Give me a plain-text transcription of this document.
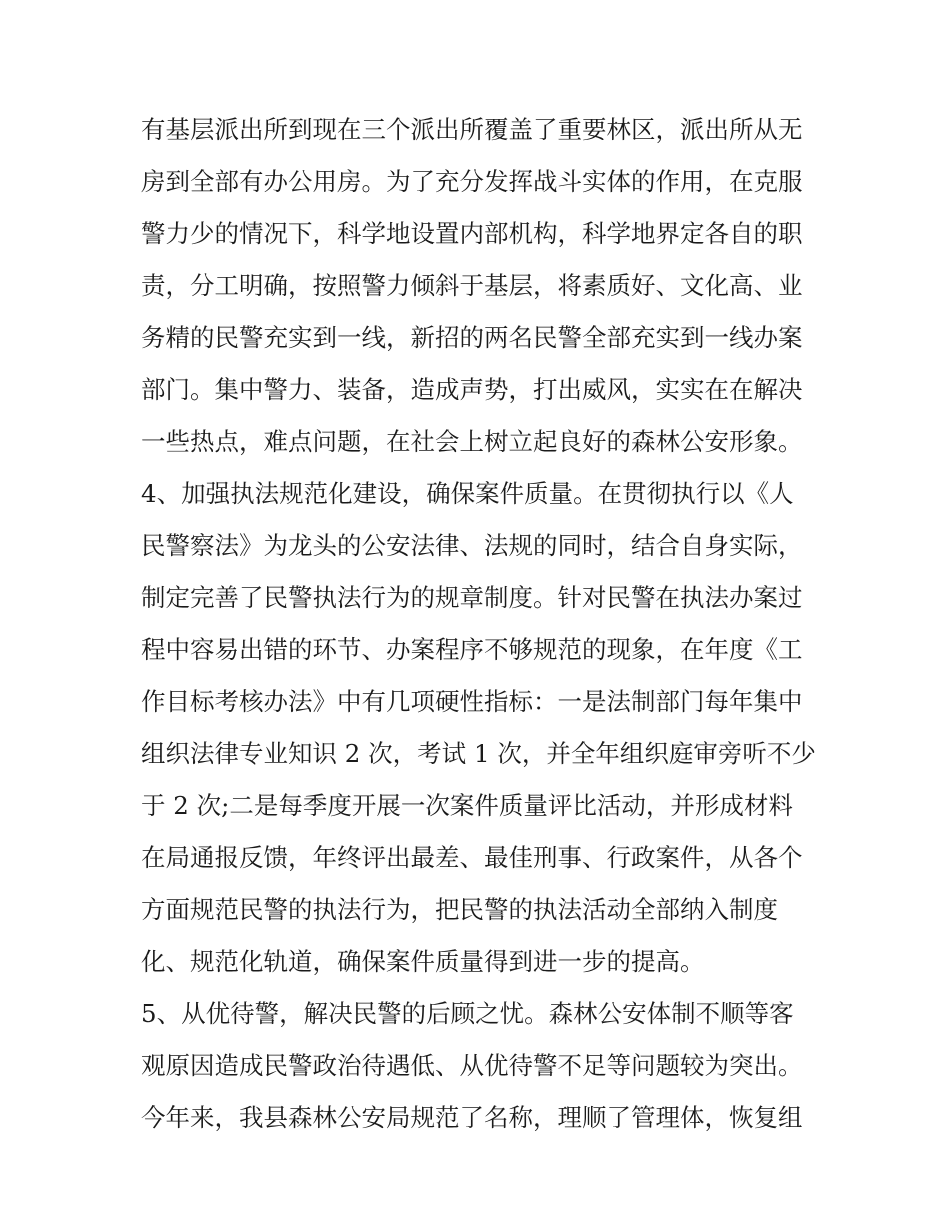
有基层派出所到现在三个派出所覆盖了重要林区，派出所从无
房到全部有办公用房。为了充分发挥战斗实体的作用，在克服
警力少的情况下，科学地设置内部机构，科学地界定各自的职
责，分工明确，按照警力倾斜于基层，将素质好、文化高、业
务精的民警充实到一线，新招的两名民警全部充实到一线办案
部门。集中警力、装备，造成声势，打出威风，实实在在解决
一些热点，难点问题，在社会上树立起良好的森林公安形象。
4、加强执法规范化建设，确保案件质量。在贯彻执行以《人
民警察法》为龙头的公安法律、法规的同时，结合自身实际，
制定完善了民警执法行为的规章制度。针对民警在执法办案过
程中容易出错的环节、办案程序不够规范的现象，在年度《工
作目标考核办法》中有几项硬性指标：一是法制部门每年集中
组织法律专业知识 2 次，考试 1 次，并全年组织庭审旁听不少
于 2 次;二是每季度开展一次案件质量评比活动，并形成材料
在局通报反馈，年终评出最差、最佳刑事、行政案件，从各个
方面规范民警的执法行为，把民警的执法活动全部纳入制度
化、规范化轨道，确保案件质量得到进一步的提高。
5、从优待警，解决民警的后顾之忧。森林公安体制不顺等客
观原因造成民警政治待遇低、从优待警不足等问题较为突出。
今年来，我县森林公安局规范了名称，理顺了管理体，恢复组
